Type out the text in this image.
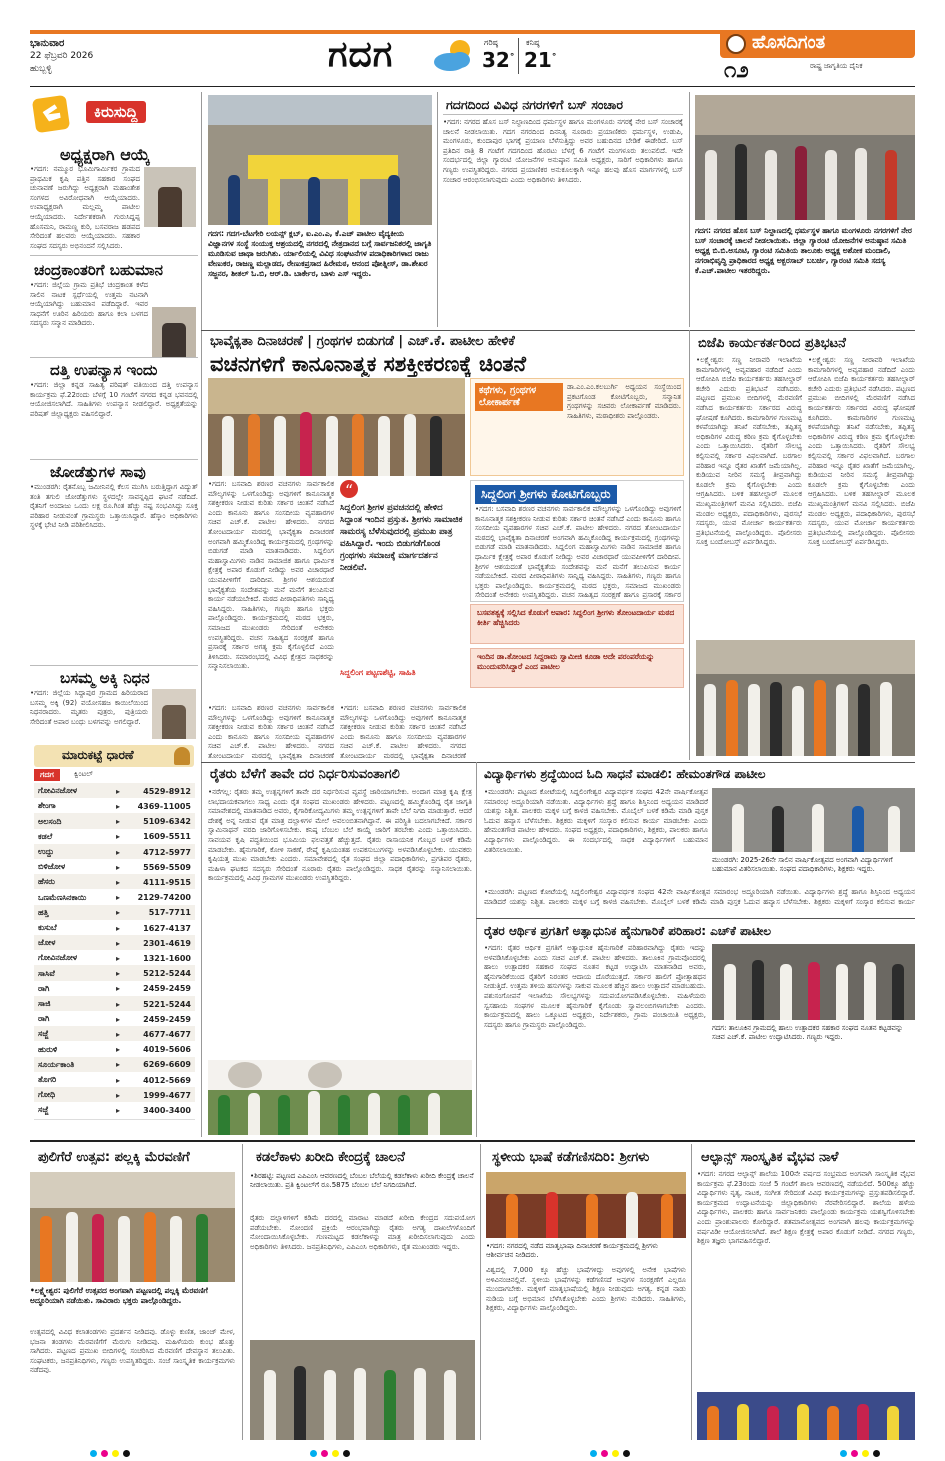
ಭಾನುವಾರ
22 ಫೆಬ್ರವರಿ 2026
ಹುಬ್ಬಳ್ಳಿ	ಗದಗ	ಗರಿಷ್ಠ
32°
ಕನಿಷ್ಠ
21°
ಹೊಸದಿಗಂತ
೧೨	ರಾಷ್ಟ್ರ ಜಾಗೃತಿಯ ದೈನಿಕ
ಕಿರುಸುದ್ದಿ
ಅಧ್ಯಕ್ಷರಾಗಿ ಆಯ್ಕೆ
•ಗದಗ: ನಮ್ಮೂರ ಭೂಮಿಗಾರ್ಮಿಕರ ಗ್ರಾಮದ ಪ್ರಾಥಮಿಕ ಕೃಷಿ ಪತ್ತಿನ ಸಹಕಾರ ಸಂಘದ ಚುನಾವಣೆ ಜರುಗಿದ್ದು ಅಧ್ಯಕ್ಷರಾಗಿ ಮಹಾಂತೇಶ ಸಂಗಳದ ಅವಿರೋಧವಾಗಿ ಆಯ್ಕೆಯಾದರು. ಉಪಾಧ್ಯಕ್ಷರಾಗಿ ಮಲ್ಲಮ್ಮ ಪಾಟೀಲ ಆಯ್ಕೆಯಾದರು. ನಿರ್ದೇಶಕರಾಗಿ ಗುರುಸಿದ್ದಪ್ಪ ಹೊಸಮನಿ, ರಾಮಣ್ಣ ಕುರಿ, ಬಸವರಾಜ ಹಡಪದ ಸೇರಿದಂತೆ ಹಲವರು ಆಯ್ಕೆಯಾದರು. ಸಹಕಾರ ಸಂಘದ ಸದಸ್ಯರು ಅಭಿನಂದನೆ ಸಲ್ಲಿಸಿದರು.
ಚಂದ್ರಕಾಂತರಿಗೆ ಬಹುಮಾನ
•ಗದಗ: ಜಿಲ್ಲೆಯ ಗ್ರಾಮ ಪ್ರತಿಭೆ ಚಂದ್ರಕಾಂತ ಕಳೆದ ಸಾಲಿನ ನಾಟಕ ಸ್ಪರ್ಧೆಯಲ್ಲಿ ಉತ್ತಮ ನಟನಾಗಿ ಆಯ್ಕೆಯಾಗಿದ್ದು ಬಹುಮಾನ ಪಡೆದಿದ್ದಾರೆ. ಇವರ ಸಾಧನೆಗೆ ಊರಿನ ಹಿರಿಯರು ಹಾಗೂ ಕಲಾ ಬಳಗದ ಸದಸ್ಯರು ಸನ್ಮಾನ ಮಾಡಿದರು.
ದತ್ತಿ ಉಪನ್ಯಾಸ ಇಂದು
•ಗದಗ: ಜಿಲ್ಲಾ ಕನ್ನಡ ಸಾಹಿತ್ಯ ಪರಿಷತ್ ವತಿಯಿಂದ ದತ್ತಿ ಉಪನ್ಯಾಸ ಕಾರ್ಯಕ್ರಮ ಫೆ.22ರಂದು ಬೆಳಗ್ಗೆ 10 ಗಂಟೆಗೆ ನಗರದ ಕನ್ನಡ ಭವನದಲ್ಲಿ ಆಯೋಜಿಸಲಾಗಿದೆ. ಸಾಹಿತಿಗಳು ಉಪನ್ಯಾಸ ನೀಡಲಿದ್ದಾರೆ. ಅಧ್ಯಕ್ಷತೆಯನ್ನು ಪರಿಷತ್ ಜಿಲ್ಲಾಧ್ಯಕ್ಷರು ವಹಿಸಲಿದ್ದಾರೆ.
ಜೋಡೆತ್ತುಗಳ ಸಾವು
•ಮುಂಡರಗಿ: ರೈತನೊಬ್ಬ ಜಮೀನಿನಲ್ಲಿ ಕೆಲಸ ಮುಗಿಸಿ ಬರುತ್ತಿದ್ದಾಗ ವಿದ್ಯುತ್ ತಂತಿ ತಗುಲಿ ಜೋಡೆತ್ತುಗಳು ಸ್ಥಳದಲ್ಲೇ ಸಾವನ್ನಪ್ಪಿದ ಘಟನೆ ನಡೆದಿದೆ. ರೈತನಿಗೆ ಅಂದಾಜು ಒಂದು ಲಕ್ಷ ರೂ.ಗಿಂತ ಹೆಚ್ಚು ನಷ್ಟ ಸಂಭವಿಸಿದ್ದು ಸೂಕ್ತ ಪರಿಹಾರ ನೀಡುವಂತೆ ಗ್ರಾಮಸ್ಥರು ಒತ್ತಾಯಿಸಿದ್ದಾರೆ. ಹೆಸ್ಕಾಂ ಅಧಿಕಾರಿಗಳು ಸ್ಥಳಕ್ಕೆ ಭೇಟಿ ನೀಡಿ ಪರಿಶೀಲಿಸಿದರು.
ಬಸಮ್ಮ ಅಕ್ಕಿ ನಿಧನ
•ಗದಗ: ಜಿಲ್ಲೆಯ ಸಿದ್ದಾಪುರ ಗ್ರಾಮದ ಹಿರಿಯರಾದ ಬಸಮ್ಮ ಅಕ್ಕಿ (92) ವಯೋಸಹಜ ಕಾಯಿಲೆಯಿಂದ ನಿಧನರಾದರು. ಮೃತರು ಪುತ್ರರು, ಪುತ್ರಿಯರು ಸೇರಿದಂತೆ ಅಪಾರ ಬಂಧು ಬಳಗವನ್ನು ಅಗಲಿದ್ದಾರೆ.
ಮಾರುಕಟ್ಟೆ ಧಾರಣೆ
ಗದಗ	ಕ್ವಿಂಟಲ್
ಗೋವಿನಜೋಳ	▸	4529-8912
ಶೇಂಗಾ	▸	4369-11005
ಅಲಸಂದಿ	▸	5109-6342
ಕಡಲೆ	▸	1609-5511
ಉದ್ದು	▸	4712-5977
ಬಿಳಿಜೋಳ	▸	5569-5509
ಹೆಸರು	▸	4111-9515
ಒಣಮೆಣಸಿನಕಾಯಿ	▸	2129-74200
ಹತ್ತಿ	▸	517-7711
ಕುಸುಬೆ	▸	1627-4137
ಜೋಳ	▸	2301-4619
ಗೋವಿನಜೋಳ	▸	1321-1600
ಸಾಸಿವೆ	▸	5212-5244
ರಾಗಿ	▸	2459-2459
ಸಾಜಿ	▸	5221-5244
ರಾಗಿ	▸	2459-2459
ಸಜ್ಜೆ	▸	4677-4677
ಹುರುಳಿ	▸	4019-5606
ಸೂರ್ಯಕಾಂತಿ	▸	6269-6609
ತೊಗರಿ	▸	4012-5669
ಗೋಧಿ	▸	1999-4677
ಸಜ್ಜೆ	▸	3400-3400
ಗದಗ: ಗದಗ-ಬೆಟಗೇರಿ ಲಯನ್ಸ್ ಕ್ಲಬ್, ಐ.ಎಂ.ಎ, ಕೆ.ಎಚ್ ಪಾಟೀಲ ವೈದ್ಯಕೀಯ ವಿಜ್ಞಾನಗಳ ಸಂಸ್ಥೆ ಸಂಯುಕ್ತ ಆಶ್ರಯದಲ್ಲಿ ನಗರದಲ್ಲಿ ನೇತ್ರದಾನದ ಬಗ್ಗೆ ಸಾರ್ವಜನಿಕರಲ್ಲಿ ಜಾಗೃತಿ ಮೂಡಿಸುವ ಜಾಥಾ ಜರುಗಿತು. ರ್ಯಾಲಿಯಲ್ಲಿ ವಿವಿಧ ಸಂಘಟನೆಗಳ ಪದಾಧಿಕಾರಿಗಳಾದ ರಾಜು ವೇಣುಕರ, ರಾಜಣ್ಣ ಮಲ್ಲಾಡದ, ರೇಣುಕಪ್ರಸಾದ ಹಿರೇಮಠ, ಆನಂದ ಪೋತ್ನೀಸ್, ಡಾ.ಶೇಖರ ಸಜ್ಜನರ, ಶೀತಲ್ ಓ.ಬಿ, ಆರ್.ಡಿ. ಬಾರ್ಕೇರ, ಬಾಳು ಎಸ್ ಇದ್ದರು.
ಗದಗದಿಂದ ವಿವಿಧ ನಗರಗಳಿಗೆ ಬಸ್ ಸಂಚಾರ
•ಗದಗ: ನಗರದ ಹೊಸ ಬಸ್ ನಿಲ್ದಾಣದಿಂದ ಧರ್ಮಸ್ಥಳ ಹಾಗೂ ಮಂಗಳೂರು ನಗರಕ್ಕೆ ನೇರ ಬಸ್ ಸಂಚಾರಕ್ಕೆ ಚಾಲನೆ ನೀಡಲಾಯಿತು. ಗದಗ ನಗರದಿಂದ ದಿನನಿತ್ಯ ನೂರಾರು ಪ್ರಯಾಣಿಕರು ಧರ್ಮಸ್ಥಳ, ಉಡುಪಿ, ಮಂಗಳೂರು, ಕುಂದಾಪುರ ಭಾಗಕ್ಕೆ ಪ್ರಯಾಣ ಬೆಳೆಸುತ್ತಿದ್ದು ಅವರ ಬಹುದಿನದ ಬೇಡಿಕೆ ಈಡೇರಿದೆ. ಬಸ್ ಪ್ರತಿದಿನ ರಾತ್ರಿ 8 ಗಂಟೆಗೆ ಗದಗದಿಂದ ಹೊರಟು ಬೆಳಗ್ಗೆ 6 ಗಂಟೆಗೆ ಮಂಗಳೂರು ತಲುಪಲಿದೆ. ಇದೇ ಸಂದರ್ಭದಲ್ಲಿ ಜಿಲ್ಲಾ ಗ್ಯಾರಂಟಿ ಯೋಜನೆಗಳ ಅನುಷ್ಠಾನ ಸಮಿತಿ ಅಧ್ಯಕ್ಷರು, ಸಾರಿಗೆ ಅಧಿಕಾರಿಗಳು ಹಾಗೂ ಗಣ್ಯರು ಉಪಸ್ಥಿತರಿದ್ದರು. ನಗರದ ಪ್ರಯಾಣಿಕರ ಅನುಕೂಲಕ್ಕಾಗಿ ಇನ್ನೂ ಹಲವು ಹೊಸ ಮಾರ್ಗಗಳಲ್ಲಿ ಬಸ್ ಸಂಚಾರ ಆರಂಭಿಸಲಾಗುವುದು ಎಂದು ಅಧಿಕಾರಿಗಳು ತಿಳಿಸಿದರು.
ಗದಗ: ನಗರದ ಹೊಸ ಬಸ್ ನಿಲ್ದಾಣದಲ್ಲಿ ಧರ್ಮಸ್ಥಳ ಹಾಗೂ ಮಂಗಳೂರು ನಗರಗಳಿಗೆ ನೇರ ಬಸ್ ಸಂಚಾರಕ್ಕೆ ಚಾಲನೆ ನೀಡಲಾಯಿತು. ಜಿಲ್ಲಾ ಗ್ಯಾರಂಟಿ ಯೋಜನೆಗಳ ಅನುಷ್ಠಾನ ಸಮಿತಿ ಅಧ್ಯಕ್ಷ ಬಿ.ಬಿ.ಅಸೂಟಿ, ಗ್ಯಾರಂಟಿ ಸಮಿತಿಯ ತಾಲೂಕು ಅಧ್ಯಕ್ಷ ಅಶೋಕ ಮಂದಾಲಿ, ನಗರಾಭಿವೃದ್ಧಿ ಪ್ರಾಧಿಕಾರದ ಅಧ್ಯಕ್ಷ ಅಕ್ಬರಸಾಬ್ ಬಬರ್ಚಿ, ಗ್ಯಾರಂಟಿ ಸಮಿತಿ ಸದಸ್ಯ ಕೆ.ಎಚ್.ಪಾಟೀಲ ಇತರರಿದ್ದರು.
ಭಾವೈಕ್ಯತಾ ದಿನಾಚರಣೆ | ಗ್ರಂಥಗಳ ಬಿಡುಗಡೆ | ಎಚ್.ಕೆ. ಪಾಟೀಲ ಹೇಳಿಕೆ
ವಚನಗಳಿಗೆ ಕಾನೂನಾತ್ಮಕ ಸಶಕ್ತೀಕರಣಕ್ಕೆ ಚಿಂತನೆ
ಕಥೆಗಳು, ಗ್ರಂಥಗಳ ಲೋಕಾರ್ಪಣೆ
ಡಾ.ಎಂ.ಎಂ.ಕಲಬುರ್ಗಿ ಅಧ್ಯಯನ ಸಂಸ್ಥೆಯಿಂದ ಪ್ರಕಟಗೊಂಡ ಕೋಟಿಗೊಬ್ಬರು, ಸನ್ಮಾನಿತ ಗ್ರಂಥಗಳನ್ನು ಸಚಿವರು ಲೋಕಾರ್ಪಣೆ ಮಾಡಿದರು. ಸಾಹಿತಿಗಳು, ಮಠಾಧೀಶರು ಪಾಲ್ಗೊಂಡರು.
ಸಿದ್ದಲಿಂಗ ಶ್ರೀಗಳು ಕೋಟಿಗೊಬ್ಬರು
•ಗದಗ: ಬಸವಾದಿ ಶರಣರ ವಚನಗಳು ಸಾರ್ವಕಾಲಿಕ ಮೌಲ್ಯಗಳನ್ನು ಒಳಗೊಂಡಿದ್ದು ಅವುಗಳಿಗೆ ಕಾನೂನಾತ್ಮಕ ಸಶಕ್ತೀಕರಣ ನೀಡುವ ಕುರಿತು ಸರ್ಕಾರ ಚಿಂತನೆ ನಡೆಸಿದೆ ಎಂದು ಕಾನೂನು ಹಾಗೂ ಸಂಸದೀಯ ವ್ಯವಹಾರಗಳ ಸಚಿವ ಎಚ್.ಕೆ. ಪಾಟೀಲ ಹೇಳಿದರು. ನಗರದ ತೋಂಟದಾರ್ಯ ಮಠದಲ್ಲಿ ಭಾವೈಕ್ಯತಾ ದಿನಾಚರಣೆ ಅಂಗವಾಗಿ ಹಮ್ಮಿಕೊಂಡಿದ್ದ ಕಾರ್ಯಕ್ರಮದಲ್ಲಿ ಗ್ರಂಥಗಳನ್ನು ಬಿಡುಗಡೆ ಮಾಡಿ ಮಾತನಾಡಿದರು. ಸಿದ್ದಲಿಂಗ ಮಹಾಸ್ವಾಮಿಗಳು ನಾಡಿನ ಸಾಮಾಜಿಕ ಹಾಗೂ ಧಾರ್ಮಿಕ ಕ್ಷೇತ್ರಕ್ಕೆ ಅಪಾರ ಕೊಡುಗೆ ನೀಡಿದ್ದು ಅವರ ವಿಚಾರಧಾರೆ ಯುವಪೀಳಿಗೆಗೆ ದಾರಿದೀಪ. ಶ್ರೀಗಳ ಆಶಯದಂತೆ ಭಾವೈಕ್ಯತೆಯ ಸಂದೇಶವನ್ನು ಮನೆ ಮನೆಗೆ ತಲುಪಿಸುವ ಕಾರ್ಯ ನಡೆಯಬೇಕಿದೆ. ಮಠದ ಪೀಠಾಧಿಪತಿಗಳು ಸಾನ್ನಿಧ್ಯ ವಹಿಸಿದ್ದರು. ಸಾಹಿತಿಗಳು, ಗಣ್ಯರು ಹಾಗೂ ಭಕ್ತರು ಪಾಲ್ಗೊಂಡಿದ್ದರು. ಕಾರ್ಯಕ್ರಮದಲ್ಲಿ ಮಠದ ಭಕ್ತರು, ಸಮಾಜದ ಮುಖಂಡರು ಸೇರಿದಂತೆ ಅನೇಕರು ಉಪಸ್ಥಿತರಿದ್ದರು. ವಚನ ಸಾಹಿತ್ಯದ ಸಂರಕ್ಷಣೆ ಹಾಗೂ ಪ್ರಸಾರಕ್ಕೆ ಸರ್ಕಾರ
•ಗದಗ: ಬಸವಾದಿ ಶರಣರ ವಚನಗಳು ಸಾರ್ವಕಾಲಿಕ ಮೌಲ್ಯಗಳನ್ನು ಒಳಗೊಂಡಿದ್ದು ಅವುಗಳಿಗೆ ಕಾನೂನಾತ್ಮಕ ಸಶಕ್ತೀಕರಣ ನೀಡುವ ಕುರಿತು ಸರ್ಕಾರ ಚಿಂತನೆ ನಡೆಸಿದೆ ಎಂದು ಕಾನೂನು ಹಾಗೂ ಸಂಸದೀಯ ವ್ಯವಹಾರಗಳ ಸಚಿವ ಎಚ್.ಕೆ. ಪಾಟೀಲ ಹೇಳಿದರು. ನಗರದ ತೋಂಟದಾರ್ಯ ಮಠದಲ್ಲಿ ಭಾವೈಕ್ಯತಾ ದಿನಾಚರಣೆ ಅಂಗವಾಗಿ ಹಮ್ಮಿಕೊಂಡಿದ್ದ ಕಾರ್ಯಕ್ರಮದಲ್ಲಿ ಗ್ರಂಥಗಳನ್ನು ಬಿಡುಗಡೆ ಮಾಡಿ ಮಾತನಾಡಿದರು. ಸಿದ್ದಲಿಂಗ ಮಹಾಸ್ವಾಮಿಗಳು ನಾಡಿನ ಸಾಮಾಜಿಕ ಹಾಗೂ ಧಾರ್ಮಿಕ ಕ್ಷೇತ್ರಕ್ಕೆ ಅಪಾರ ಕೊಡುಗೆ ನೀಡಿದ್ದು ಅವರ ವಿಚಾರಧಾರೆ ಯುವಪೀಳಿಗೆಗೆ ದಾರಿದೀಪ. ಶ್ರೀಗಳ ಆಶಯದಂತೆ ಭಾವೈಕ್ಯತೆಯ ಸಂದೇಶವನ್ನು ಮನೆ ಮನೆಗೆ ತಲುಪಿಸುವ ಕಾರ್ಯ ನಡೆಯಬೇಕಿದೆ. ಮಠದ ಪೀಠಾಧಿಪತಿಗಳು ಸಾನ್ನಿಧ್ಯ ವಹಿಸಿದ್ದರು. ಸಾಹಿತಿಗಳು, ಗಣ್ಯರು ಹಾಗೂ ಭಕ್ತರು ಪಾಲ್ಗೊಂಡಿದ್ದರು. ಕಾರ್ಯಕ್ರಮದಲ್ಲಿ ಮಠದ ಭಕ್ತರು, ಸಮಾಜದ ಮುಖಂಡರು ಸೇರಿದಂತೆ ಅನೇಕರು ಉಪಸ್ಥಿತರಿದ್ದರು. ವಚನ ಸಾಹಿತ್ಯದ ಸಂರಕ್ಷಣೆ ಹಾಗೂ ಪ್ರಸಾರಕ್ಕೆ ಸರ್ಕಾರ ಅಗತ್ಯ ಕ್ರಮ ಕೈಗೊಳ್ಳಲಿದೆ ಎಂದು ತಿಳಿಸಿದರು. ಸಮಾರಂಭದಲ್ಲಿ ವಿವಿಧ ಕ್ಷೇತ್ರದ ಸಾಧಕರನ್ನು ಸನ್ಮಾನಿಸಲಾಯಿತು.
“
ಸಿದ್ದಲಿಂಗ ಶ್ರೀಗಳ ಪ್ರವಚನದಲ್ಲಿ ಹೇಳಿದ ಸಿದ್ದಾಂತ ಇಂದಿನ ಪ್ರಸ್ತುತ. ಶ್ರೀಗಳು ಸಾಮಾಜಿಕ ಸಾಮರಸ್ಯ ಬೆಳೆಸುವುದರಲ್ಲಿ ಪ್ರಮುಖ ಪಾತ್ರ ವಹಿಸಿದ್ದಾರೆ. ಇಂದು ಬಿಡುಗಡೆಗೊಂಡ ಗ್ರಂಥಗಳು ಸಮಾಜಕ್ಕೆ ಮಾರ್ಗದರ್ಶನ ನೀಡಲಿವೆ.
ಸಿದ್ದಲಿಂಗ ಪಟ್ಟಣಶೆಟ್ಟಿ, ಸಾಹಿತಿ
ಬಸವತತ್ವಕ್ಕೆ ಸಲ್ಲಿಸಿದ ಕೊಡುಗೆ ಅಪಾರ: ಸಿದ್ದಲಿಂಗ ಶ್ರೀಗಳು ತೋಂಟದಾರ್ಯ ಮಠದ ಕೀರ್ತಿ ಹೆಚ್ಚಿಸಿದರು
ಇಂದಿನ ಡಾ.ತೋಂಟದ ಸಿದ್ದರಾಮ ಸ್ವಾಮೀಜಿ ಕೂಡಾ ಅದೇ ಪರಂಪರೆಯನ್ನು ಮುಂದುವರಿಸಿದ್ದಾರೆ ಎಂದ ಪಾಟೀಲ
•ಗದಗ: ಬಸವಾದಿ ಶರಣರ ವಚನಗಳು ಸಾರ್ವಕಾಲಿಕ ಮೌಲ್ಯಗಳನ್ನು ಒಳಗೊಂಡಿದ್ದು ಅವುಗಳಿಗೆ ಕಾನೂನಾತ್ಮಕ ಸಶಕ್ತೀಕರಣ ನೀಡುವ ಕುರಿತು ಸರ್ಕಾರ ಚಿಂತನೆ ನಡೆಸಿದೆ ಎಂದು ಕಾನೂನು ಹಾಗೂ ಸಂಸದೀಯ ವ್ಯವಹಾರಗಳ ಸಚಿವ ಎಚ್.ಕೆ. ಪಾಟೀಲ ಹೇಳಿದರು. ನಗರದ ತೋಂಟದಾರ್ಯ ಮಠದಲ್ಲಿ ಭಾವೈಕ್ಯತಾ ದಿನಾಚರಣೆ
•ಗದಗ: ಬಸವಾದಿ ಶರಣರ ವಚನಗಳು ಸಾರ್ವಕಾಲಿಕ ಮೌಲ್ಯಗಳನ್ನು ಒಳಗೊಂಡಿದ್ದು ಅವುಗಳಿಗೆ ಕಾನೂನಾತ್ಮಕ ಸಶಕ್ತೀಕರಣ ನೀಡುವ ಕುರಿತು ಸರ್ಕಾರ ಚಿಂತನೆ ನಡೆಸಿದೆ ಎಂದು ಕಾನೂನು ಹಾಗೂ ಸಂಸದೀಯ ವ್ಯವಹಾರಗಳ ಸಚಿವ ಎಚ್.ಕೆ. ಪಾಟೀಲ ಹೇಳಿದರು. ನಗರದ ತೋಂಟದಾರ್ಯ ಮಠದಲ್ಲಿ ಭಾವೈಕ್ಯತಾ ದಿನಾಚರಣೆ
ಬಿಜೆಪಿ ಕಾರ್ಯಕರ್ತರಿಂದ ಪ್ರತಿಭಟನೆ
•ಲಕ್ಷ್ಮೇಶ್ವರ: ಸಣ್ಣ ನೀರಾವರಿ ಇಲಾಖೆಯ ಕಾಮಗಾರಿಗಳಲ್ಲಿ ಅವ್ಯವಹಾರ ನಡೆದಿದೆ ಎಂದು ಆರೋಪಿಸಿ ಬಿಜೆಪಿ ಕಾರ್ಯಕರ್ತರು ತಹಸೀಲ್ದಾರ್ ಕಚೇರಿ ಎದುರು ಪ್ರತಿಭಟನೆ ನಡೆಸಿದರು. ಪಟ್ಟಣದ ಪ್ರಮುಖ ಬೀದಿಗಳಲ್ಲಿ ಮೆರವಣಿಗೆ ನಡೆಸಿದ ಕಾರ್ಯಕರ್ತರು ಸರ್ಕಾರದ ವಿರುದ್ಧ ಘೋಷಣೆ ಕೂಗಿದರು. ಕಾಮಗಾರಿಗಳ ಗುಣಮಟ್ಟ ಕಳಪೆಯಾಗಿದ್ದು ತನಿಖೆ ನಡೆಸಬೇಕು, ತಪ್ಪಿತಸ್ಥ ಅಧಿಕಾರಿಗಳ ವಿರುದ್ಧ ಕಠಿಣ ಕ್ರಮ ಕೈಗೊಳ್ಳಬೇಕು ಎಂದು ಒತ್ತಾಯಿಸಿದರು. ರೈತರಿಗೆ ಸೌಲಭ್ಯ ಕಲ್ಪಿಸುವಲ್ಲಿ ಸರ್ಕಾರ ವಿಫಲವಾಗಿದೆ. ಬರಗಾಲ ಪರಿಹಾರ ಇನ್ನೂ ರೈತರ ಖಾತೆಗೆ ಜಮೆಯಾಗಿಲ್ಲ. ಕುಡಿಯುವ ನೀರಿನ ಸಮಸ್ಯೆ ತೀವ್ರವಾಗಿದ್ದು ಕೂಡಲೇ ಕ್ರಮ ಕೈಗೊಳ್ಳಬೇಕು ಎಂದು ಆಗ್ರಹಿಸಿದರು. ಬಳಿಕ ತಹಸೀಲ್ದಾರ್ ಮೂಲಕ ಮುಖ್ಯಮಂತ್ರಿಗಳಿಗೆ ಮನವಿ ಸಲ್ಲಿಸಿದರು. ಬಿಜೆಪಿ ಮಂಡಲ ಅಧ್ಯಕ್ಷರು, ಪದಾಧಿಕಾರಿಗಳು, ಪುರಸಭೆ ಸದಸ್ಯರು, ಯುವ ಮೋರ್ಚಾ ಕಾರ್ಯಕರ್ತರು ಪ್ರತಿಭಟನೆಯಲ್ಲಿ ಪಾಲ್ಗೊಂಡಿದ್ದರು. ಪೊಲೀಸರು ಸೂಕ್ತ ಬಂದೋಬಸ್ತ್ ಏರ್ಪಡಿಸಿದ್ದರು.
•ಲಕ್ಷ್ಮೇಶ್ವರ: ಸಣ್ಣ ನೀರಾವರಿ ಇಲಾಖೆಯ ಕಾಮಗಾರಿಗಳಲ್ಲಿ ಅವ್ಯವಹಾರ ನಡೆದಿದೆ ಎಂದು ಆರೋಪಿಸಿ ಬಿಜೆಪಿ ಕಾರ್ಯಕರ್ತರು ತಹಸೀಲ್ದಾರ್ ಕಚೇರಿ ಎದುರು ಪ್ರತಿಭಟನೆ ನಡೆಸಿದರು. ಪಟ್ಟಣದ ಪ್ರಮುಖ ಬೀದಿಗಳಲ್ಲಿ ಮೆರವಣಿಗೆ ನಡೆಸಿದ ಕಾರ್ಯಕರ್ತರು ಸರ್ಕಾರದ ವಿರುದ್ಧ ಘೋಷಣೆ ಕೂಗಿದರು. ಕಾಮಗಾರಿಗಳ ಗುಣಮಟ್ಟ ಕಳಪೆಯಾಗಿದ್ದು ತನಿಖೆ ನಡೆಸಬೇಕು, ತಪ್ಪಿತಸ್ಥ ಅಧಿಕಾರಿಗಳ ವಿರುದ್ಧ ಕಠಿಣ ಕ್ರಮ ಕೈಗೊಳ್ಳಬೇಕು ಎಂದು ಒತ್ತಾಯಿಸಿದರು. ರೈತರಿಗೆ ಸೌಲಭ್ಯ ಕಲ್ಪಿಸುವಲ್ಲಿ ಸರ್ಕಾರ ವಿಫಲವಾಗಿದೆ. ಬರಗಾಲ ಪರಿಹಾರ ಇನ್ನೂ ರೈತರ ಖಾತೆಗೆ ಜಮೆಯಾಗಿಲ್ಲ. ಕುಡಿಯುವ ನೀರಿನ ಸಮಸ್ಯೆ ತೀವ್ರವಾಗಿದ್ದು ಕೂಡಲೇ ಕ್ರಮ ಕೈಗೊಳ್ಳಬೇಕು ಎಂದು ಆಗ್ರಹಿಸಿದರು. ಬಳಿಕ ತಹಸೀಲ್ದಾರ್ ಮೂಲಕ ಮುಖ್ಯಮಂತ್ರಿಗಳಿಗೆ ಮನವಿ ಸಲ್ಲಿಸಿದರು. ಬಿಜೆಪಿ ಮಂಡಲ ಅಧ್ಯಕ್ಷರು, ಪದಾಧಿಕಾರಿಗಳು, ಪುರಸಭೆ ಸದಸ್ಯರು, ಯುವ ಮೋರ್ಚಾ ಕಾರ್ಯಕರ್ತರು ಪ್ರತಿಭಟನೆಯಲ್ಲಿ ಪಾಲ್ಗೊಂಡಿದ್ದರು. ಪೊಲೀಸರು ಸೂಕ್ತ ಬಂದೋಬಸ್ತ್ ಏರ್ಪಡಿಸಿದ್ದರು.
ರೈತರು ಬೆಳೆಗೆ ತಾವೇ ದರ ನಿರ್ಧರಿಸುವಂತಾಗಲಿ
•ನರೆಗಲ್ಲ: ರೈತರು ತಮ್ಮ ಉತ್ಪನ್ನಗಳಿಗೆ ತಾವೇ ದರ ನಿರ್ಧರಿಸುವ ವ್ಯವಸ್ಥೆ ಜಾರಿಯಾಗಬೇಕು. ಅಂದಾಗ ಮಾತ್ರ ಕೃಷಿ ಕ್ಷೇತ್ರ ಲಾಭದಾಯಕವಾಗಲು ಸಾಧ್ಯ ಎಂದು ರೈತ ಸಂಘದ ಮುಖಂಡರು ಹೇಳಿದರು. ಪಟ್ಟಣದಲ್ಲಿ ಹಮ್ಮಿಕೊಂಡಿದ್ದ ರೈತ ಜಾಗೃತಿ ಸಮಾವೇಶದಲ್ಲಿ ಮಾತನಾಡಿದ ಅವರು, ಕೈಗಾರಿಕೋದ್ಯಮಿಗಳು ತಮ್ಮ ಉತ್ಪನ್ನಗಳಿಗೆ ತಾವೇ ಬೆಲೆ ನಿಗದಿ ಮಾಡುತ್ತಾರೆ. ಆದರೆ ದೇಶಕ್ಕೆ ಅನ್ನ ನೀಡುವ ರೈತ ಮಾತ್ರ ದಲ್ಲಾಳಿಗಳ ಮೇಲೆ ಅವಲಂಬಿತನಾಗಿದ್ದಾನೆ. ಈ ಪರಿಸ್ಥಿತಿ ಬದಲಾಗಬೇಕಿದೆ. ಸರ್ಕಾರ ಸ್ವಾಮಿನಾಥನ್ ವರದಿ ಜಾರಿಗೊಳಿಸಬೇಕು. ಕನಿಷ್ಠ ಬೆಂಬಲ ಬೆಲೆ ಕಾಯ್ದೆ ಜಾರಿಗೆ ತರಬೇಕು ಎಂದು ಒತ್ತಾಯಿಸಿದರು. ಸಾವಯವ ಕೃಷಿ ಪದ್ಧತಿಯಿಂದ ಭೂಮಿಯ ಫಲವತ್ತತೆ ಹೆಚ್ಚುತ್ತದೆ. ರೈತರು ರಾಸಾಯನಿಕ ಗೊಬ್ಬರ ಬಳಕೆ ಕಡಿಮೆ ಮಾಡಬೇಕು. ಹೈನುಗಾರಿಕೆ, ಕೋಳಿ ಸಾಕಣೆ, ರೇಷ್ಮೆ ಕೃಷಿಯಂತಹ ಉಪಕಸುಬುಗಳನ್ನು ಅಳವಡಿಸಿಕೊಳ್ಳಬೇಕು. ಯುವಕರು ಕೃಷಿಯತ್ತ ಮುಖ ಮಾಡಬೇಕು ಎಂದರು. ಸಮಾವೇಶದಲ್ಲಿ ರೈತ ಸಂಘದ ಜಿಲ್ಲಾ ಪದಾಧಿಕಾರಿಗಳು, ಪ್ರಗತಿಪರ ರೈತರು, ಮಹಿಳಾ ಘಟಕದ ಸದಸ್ಯರು ಸೇರಿದಂತೆ ನೂರಾರು ರೈತರು ಪಾಲ್ಗೊಂಡಿದ್ದರು. ಸಾಧಕ ರೈತರನ್ನು ಸನ್ಮಾನಿಸಲಾಯಿತು. ಕಾರ್ಯಕ್ರಮದಲ್ಲಿ ವಿವಿಧ ಗ್ರಾಮಗಳ ಮುಖಂಡರು ಉಪಸ್ಥಿತರಿದ್ದರು.
ವಿದ್ಯಾರ್ಥಿಗಳು ಶ್ರದ್ಧೆಯಿಂದ ಓದಿ ಸಾಧನೆ ಮಾಡಲಿ: ಹೇಮಂತಗೌಡ ಪಾಟೀಲ
•ಮುಂಡರಗಿ: ಪಟ್ಟಣದ ಕೋಟೆಯಲ್ಲಿ ಸಿದ್ದಲಿಂಗೇಶ್ವರ ವಿದ್ಯಾವರ್ಧಕ ಸಂಘದ 42ನೇ ವಾರ್ಷಿಕೋತ್ಸವ ಸಮಾರಂಭ ಅದ್ಧೂರಿಯಾಗಿ ನಡೆಯಿತು. ವಿದ್ಯಾರ್ಥಿಗಳು ಶ್ರದ್ಧೆ ಹಾಗೂ ಶಿಸ್ತಿನಿಂದ ಅಧ್ಯಯನ ಮಾಡಿದರೆ ಯಶಸ್ಸು ನಿಶ್ಚಿತ. ಪಾಲಕರು ಮಕ್ಕಳ ಬಗ್ಗೆ ಕಾಳಜಿ ವಹಿಸಬೇಕು. ಮೊಬೈಲ್ ಬಳಕೆ ಕಡಿಮೆ ಮಾಡಿ ಪುಸ್ತಕ ಓದುವ ಹವ್ಯಾಸ ಬೆಳೆಸಬೇಕು. ಶಿಕ್ಷಕರು ಮಕ್ಕಳಿಗೆ ಸಂಸ್ಕಾರ ಕಲಿಸುವ ಕಾರ್ಯ ಮಾಡಬೇಕು ಎಂದು ಹೇಮಂತಗೌಡ ಪಾಟೀಲ ಹೇಳಿದರು. ಸಂಘದ ಅಧ್ಯಕ್ಷರು, ಪದಾಧಿಕಾರಿಗಳು, ಶಿಕ್ಷಕರು, ಪಾಲಕರು ಹಾಗೂ ವಿದ್ಯಾರ್ಥಿಗಳು ಪಾಲ್ಗೊಂಡಿದ್ದರು. ಈ ಸಂದರ್ಭದಲ್ಲಿ ಸಾಧಕ ವಿದ್ಯಾರ್ಥಿಗಳಿಗೆ ಬಹುಮಾನ ವಿತರಿಸಲಾಯಿತು.
ಮುಂಡರಗಿ: 2025-26ನೇ ಸಾಲಿನ ವಾರ್ಷಿಕೋತ್ಸವದ ಅಂಗವಾಗಿ ವಿದ್ಯಾರ್ಥಿಗಳಿಗೆ ಬಹುಮಾನ ವಿತರಿಸಲಾಯಿತು. ಸಂಘದ ಪದಾಧಿಕಾರಿಗಳು, ಶಿಕ್ಷಕರು ಇದ್ದರು.
•ಮುಂಡರಗಿ: ಪಟ್ಟಣದ ಕೋಟೆಯಲ್ಲಿ ಸಿದ್ದಲಿಂಗೇಶ್ವರ ವಿದ್ಯಾವರ್ಧಕ ಸಂಘದ 42ನೇ ವಾರ್ಷಿಕೋತ್ಸವ ಸಮಾರಂಭ ಅದ್ಧೂರಿಯಾಗಿ ನಡೆಯಿತು. ವಿದ್ಯಾರ್ಥಿಗಳು ಶ್ರದ್ಧೆ ಹಾಗೂ ಶಿಸ್ತಿನಿಂದ ಅಧ್ಯಯನ ಮಾಡಿದರೆ ಯಶಸ್ಸು ನಿಶ್ಚಿತ. ಪಾಲಕರು ಮಕ್ಕಳ ಬಗ್ಗೆ ಕಾಳಜಿ ವಹಿಸಬೇಕು. ಮೊಬೈಲ್ ಬಳಕೆ ಕಡಿಮೆ ಮಾಡಿ ಪುಸ್ತಕ ಓದುವ ಹವ್ಯಾಸ ಬೆಳೆಸಬೇಕು. ಶಿಕ್ಷಕರು ಮಕ್ಕಳಿಗೆ ಸಂಸ್ಕಾರ ಕಲಿಸುವ ಕಾರ್ಯ
ರೈತರ ಆರ್ಥಿಕ ಪ್ರಗತಿಗೆ ಅತ್ಯಾಧುನಿಕ ಹೈನುಗಾರಿಕೆ ಪರಿಹಾರ: ಎಚ್‌ಕೆ ಪಾಟೀಲ
•ಗದಗ: ರೈತರ ಆರ್ಥಿಕ ಪ್ರಗತಿಗೆ ಅತ್ಯಾಧುನಿಕ ಹೈನುಗಾರಿಕೆ ಪರಿಹಾರವಾಗಿದ್ದು ರೈತರು ಇದನ್ನು ಅಳವಡಿಸಿಕೊಳ್ಳಬೇಕು ಎಂದು ಸಚಿವ ಎಚ್.ಕೆ. ಪಾಟೀಲ ಹೇಳಿದರು. ತಾಲೂಕಿನ ಗ್ರಾಮವೊಂದರಲ್ಲಿ ಹಾಲು ಉತ್ಪಾದಕರ ಸಹಕಾರ ಸಂಘದ ನೂತನ ಕಟ್ಟಡ ಉದ್ಘಾಟಿಸಿ ಮಾತನಾಡಿದ ಅವರು, ಹೈನುಗಾರಿಕೆಯಿಂದ ರೈತರಿಗೆ ನಿರಂತರ ಆದಾಯ ದೊರೆಯುತ್ತದೆ. ಸರ್ಕಾರ ಹಾಲಿಗೆ ಪ್ರೋತ್ಸಾಹಧನ ನೀಡುತ್ತಿದೆ. ಉತ್ತಮ ತಳಿಯ ಹಸುಗಳನ್ನು ಸಾಕುವ ಮೂಲಕ ಹೆಚ್ಚಿನ ಹಾಲು ಉತ್ಪಾದನೆ ಮಾಡಬಹುದು. ಪಶುಸಂಗೋಪನೆ ಇಲಾಖೆಯ ಸೌಲಭ್ಯಗಳನ್ನು ಸದುಪಯೋಗಪಡಿಸಿಕೊಳ್ಳಬೇಕು. ಮಹಿಳೆಯರು ಸ್ವಸಹಾಯ ಸಂಘಗಳ ಮೂಲಕ ಹೈನುಗಾರಿಕೆ ಕೈಗೊಂಡು ಸ್ವಾವಲಂಬಿಗಳಾಗಬೇಕು ಎಂದರು. ಕಾರ್ಯಕ್ರಮದಲ್ಲಿ ಹಾಲು ಒಕ್ಕೂಟದ ಅಧ್ಯಕ್ಷರು, ನಿರ್ದೇಶಕರು, ಗ್ರಾಮ ಪಂಚಾಯಿತಿ ಅಧ್ಯಕ್ಷರು, ಸದಸ್ಯರು ಹಾಗೂ ಗ್ರಾಮಸ್ಥರು ಪಾಲ್ಗೊಂಡಿದ್ದರು.	ಗದಗ: ತಾಲೂಕಿನ ಗ್ರಾಮದಲ್ಲಿ ಹಾಲು ಉತ್ಪಾದಕರ ಸಹಕಾರ ಸಂಘದ ನೂತನ ಕಟ್ಟಡವನ್ನು ಸಚಿವ ಎಚ್.ಕೆ. ಪಾಟೀಲ ಉದ್ಘಾಟಿಸಿದರು. ಗಣ್ಯರು ಇದ್ದರು.
ಪುಲಿಗೆರೆ ಉತ್ಸವ: ಪಲ್ಲಕ್ಕಿ ಮೆರವಣಿಗೆ
•ಲಕ್ಷ್ಮೇಶ್ವರ: ಪುಲಿಗೆರೆ ಉತ್ಸವದ ಅಂಗವಾಗಿ ಪಟ್ಟಣದಲ್ಲಿ ಪಲ್ಲಕ್ಕಿ ಮೆರವಣಿಗೆ ಅದ್ಧೂರಿಯಾಗಿ ನಡೆಯಿತು. ಸಾವಿರಾರು ಭಕ್ತರು ಪಾಲ್ಗೊಂಡಿದ್ದರು.
ಉತ್ಸವದಲ್ಲಿ ವಿವಿಧ ಕಲಾತಂಡಗಳು ಪ್ರದರ್ಶನ ನೀಡಿದವು. ಡೊಳ್ಳು ಕುಣಿತ, ಜಾಂಜ್ ಮೇಳ, ಭಜನಾ ತಂಡಗಳು ಮೆರವಣಿಗೆಗೆ ಮೆರುಗು ನೀಡಿದವು. ಮಹಿಳೆಯರು ಕುಂಭ ಹೊತ್ತು ಸಾಗಿದರು. ಪಟ್ಟಣದ ಪ್ರಮುಖ ಬೀದಿಗಳಲ್ಲಿ ಸಂಚರಿಸಿದ ಮೆರವಣಿಗೆ ದೇವಸ್ಥಾನ ತಲುಪಿತು. ಸಂಘಟಕರು, ಜನಪ್ರತಿನಿಧಿಗಳು, ಗಣ್ಯರು ಉಪಸ್ಥಿತರಿದ್ದರು. ಸಂಜೆ ಸಾಂಸ್ಕೃತಿಕ ಕಾರ್ಯಕ್ರಮಗಳು ನಡೆದವು.
ಕಡಲೆಕಾಳು ಖರೀದಿ ಕೇಂದ್ರಕ್ಕೆ ಚಾಲನೆ
•ಶಿರಹಟ್ಟಿ: ಪಟ್ಟಣದ ಎಪಿಎಂಸಿ ಆವರಣದಲ್ಲಿ ಬೆಂಬಲ ಬೆಲೆಯಲ್ಲಿ ಕಡಲೆಕಾಳು ಖರೀದಿ ಕೇಂದ್ರಕ್ಕೆ ಚಾಲನೆ ನೀಡಲಾಯಿತು. ಪ್ರತಿ ಕ್ವಿಂಟಲ್‌ಗೆ ರೂ.5875 ಬೆಂಬಲ ಬೆಲೆ ನಿಗದಿಯಾಗಿದೆ.
ರೈತರು ದಲ್ಲಾಳಿಗಳಿಗೆ ಕಡಿಮೆ ದರದಲ್ಲಿ ಮಾರಾಟ ಮಾಡದೆ ಖರೀದಿ ಕೇಂದ್ರದ ಸದುಪಯೋಗ ಪಡೆಯಬೇಕು. ನೋಂದಣಿ ಪ್ರಕ್ರಿಯೆ ಆರಂಭವಾಗಿದ್ದು ರೈತರು ಅಗತ್ಯ ದಾಖಲೆಗಳೊಂದಿಗೆ ನೋಂದಾಯಿಸಿಕೊಳ್ಳಬೇಕು. ಗುಣಮಟ್ಟದ ಕಡಲೆಕಾಳನ್ನು ಮಾತ್ರ ಖರೀದಿಸಲಾಗುವುದು ಎಂದು ಅಧಿಕಾರಿಗಳು ತಿಳಿಸಿದರು. ಜನಪ್ರತಿನಿಧಿಗಳು, ಎಪಿಎಂಸಿ ಅಧಿಕಾರಿಗಳು, ರೈತ ಮುಖಂಡರು ಇದ್ದರು.
ಸ್ಥಳೀಯ ಭಾಷೆ ಕಡೆಗಣಿಸದಿರಿ: ಶ್ರೀಗಳು
•ಗದಗ: ನಗರದಲ್ಲಿ ನಡೆದ ಮಾತೃಭಾಷಾ ದಿನಾಚರಣೆ ಕಾರ್ಯಕ್ರಮದಲ್ಲಿ ಶ್ರೀಗಳು ಆಶೀರ್ವಚನ ನೀಡಿದರು.
ವಿಶ್ವದಲ್ಲಿ 7,000 ಕ್ಕೂ ಹೆಚ್ಚು ಭಾಷೆಗಳಿದ್ದು ಅವುಗಳಲ್ಲಿ ಅನೇಕ ಭಾಷೆಗಳು ಅಳಿವಿನಂಚಿನಲ್ಲಿವೆ. ಸ್ಥಳೀಯ ಭಾಷೆಗಳನ್ನು ಕಡೆಗಣಿಸದೆ ಅವುಗಳ ಸಂರಕ್ಷಣೆಗೆ ಎಲ್ಲರೂ ಮುಂದಾಗಬೇಕು. ಮಕ್ಕಳಿಗೆ ಮಾತೃಭಾಷೆಯಲ್ಲಿ ಶಿಕ್ಷಣ ನೀಡುವುದು ಅಗತ್ಯ. ಕನ್ನಡ ನಾಡು ನುಡಿಯ ಬಗ್ಗೆ ಅಭಿಮಾನ ಬೆಳೆಸಿಕೊಳ್ಳಬೇಕು ಎಂದು ಶ್ರೀಗಳು ನುಡಿದರು. ಸಾಹಿತಿಗಳು, ಶಿಕ್ಷಕರು, ವಿದ್ಯಾರ್ಥಿಗಳು ಪಾಲ್ಗೊಂಡಿದ್ದರು.
ಆಲ್ಫಾನ್ಸ್ ಸಾಂಸ್ಕೃತಿಕ ವೈಭವ ನಾಳೆ
•ಗದಗ: ನಗರದ ಆಲ್ಫಾನ್ಸ್ ಶಾಲೆಯ 100ನೇ ವರ್ಷದ ಸಂಭ್ರಮದ ಅಂಗವಾಗಿ ಸಾಂಸ್ಕೃತಿಕ ವೈಭವ ಕಾರ್ಯಕ್ರಮ ಫೆ.23ರಂದು ಸಂಜೆ 5 ಗಂಟೆಗೆ ಶಾಲಾ ಆವರಣದಲ್ಲಿ ನಡೆಯಲಿದೆ. 500ಕ್ಕೂ ಹೆಚ್ಚು ವಿದ್ಯಾರ್ಥಿಗಳು ನೃತ್ಯ, ನಾಟಕ, ಸಂಗೀತ ಸೇರಿದಂತೆ ವಿವಿಧ ಕಾರ್ಯಕ್ರಮಗಳನ್ನು ಪ್ರಸ್ತುತಪಡಿಸಲಿದ್ದಾರೆ. ಕಾರ್ಯಕ್ರಮದ ಉದ್ಘಾಟನೆಯನ್ನು ಜಿಲ್ಲಾಧಿಕಾರಿಗಳು ನೆರವೇರಿಸಲಿದ್ದಾರೆ. ಶಾಲೆಯ ಹಳೆಯ ವಿದ್ಯಾರ್ಥಿಗಳು, ಪಾಲಕರು ಹಾಗೂ ಸಾರ್ವಜನಿಕರು ಪಾಲ್ಗೊಂಡು ಕಾರ್ಯಕ್ರಮ ಯಶಸ್ವಿಗೊಳಿಸಬೇಕು ಎಂದು ಪ್ರಾಂಶುಪಾಲರು ಕೋರಿದ್ದಾರೆ. ಶತಮಾನೋತ್ಸವದ ಅಂಗವಾಗಿ ಹಲವು ಕಾರ್ಯಕ್ರಮಗಳನ್ನು ವರ್ಷವಿಡೀ ಆಯೋಜಿಸಲಾಗಿದೆ. ಶಾಲೆ ಶಿಕ್ಷಣ ಕ್ಷೇತ್ರಕ್ಕೆ ಅಪಾರ ಕೊಡುಗೆ ನೀಡಿದೆ. ನಗರದ ಗಣ್ಯರು, ಶಿಕ್ಷಣ ತಜ್ಞರು ಭಾಗವಹಿಸಲಿದ್ದಾರೆ.
